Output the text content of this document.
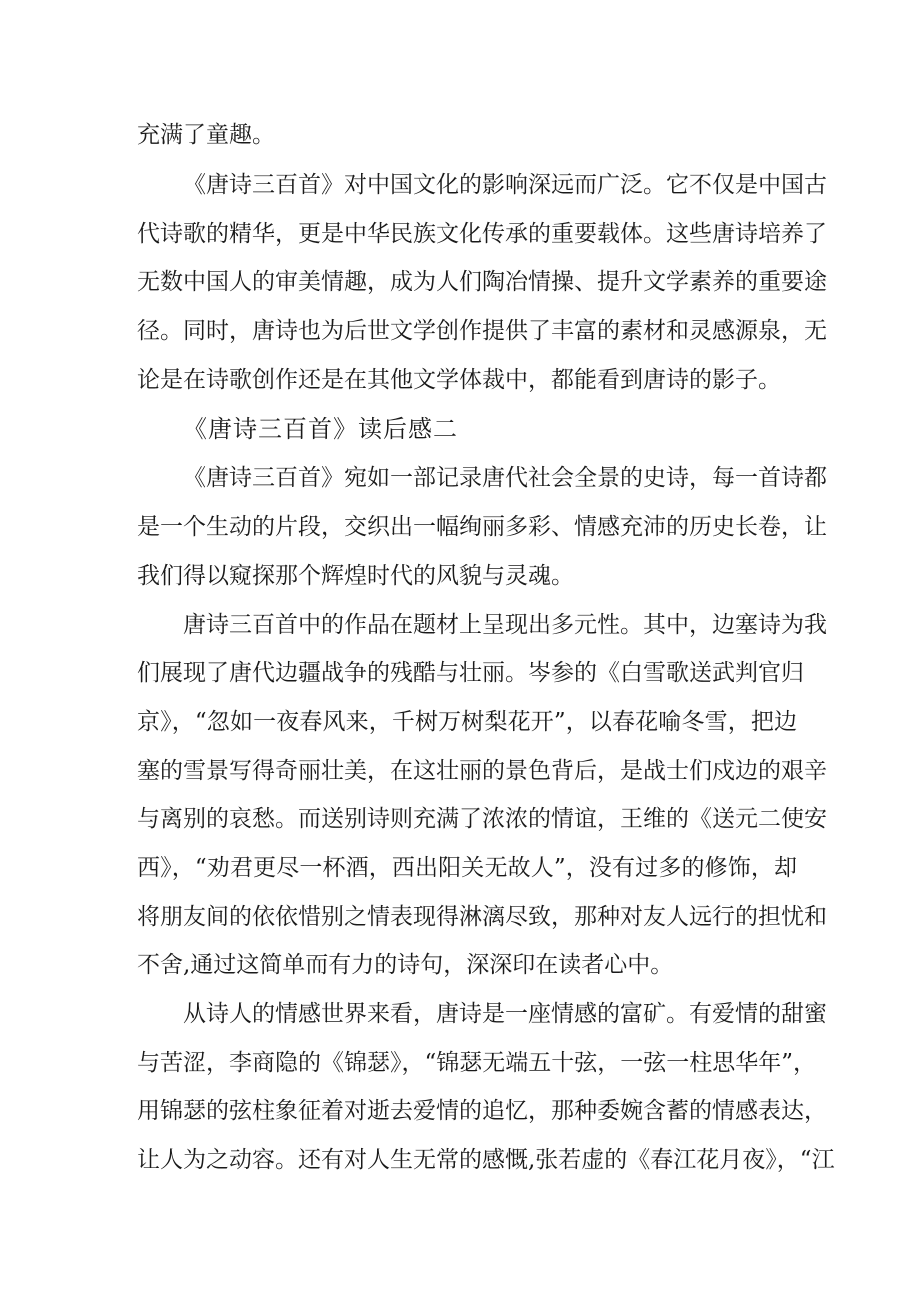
充满了童趣。
《唐诗三百首》对中国文化的影响深远而广泛。它不仅是中国古
代诗歌的精华，更是中华民族文化传承的重要载体。这些唐诗培养了
无数中国人的审美情趣，成为人们陶冶情操、提升文学素养的重要途
径。同时，唐诗也为后世文学创作提供了丰富的素材和灵感源泉，无
论是在诗歌创作还是在其他文学体裁中，都能看到唐诗的影子。
《唐诗三百首》读后感二
《唐诗三百首》宛如一部记录唐代社会全景的史诗，每一首诗都
是一个生动的片段，交织出一幅绚丽多彩、情感充沛的历史长卷，让
我们得以窥探那个辉煌时代的风貌与灵魂。
唐诗三百首中的作品在题材上呈现出多元性。其中，边塞诗为我
们展现了唐代边疆战争的残酷与壮丽。岑参的《白雪歌送武判官归
京》，“忽如一夜春风来，千树万树梨花开”，以春花喻冬雪，把边
塞的雪景写得奇丽壮美，在这壮丽的景色背后，是战士们戍边的艰辛
与离别的哀愁。而送别诗则充满了浓浓的情谊，王维的《送元二使安
西》，“劝君更尽一杯酒，西出阳关无故人”，没有过多的修饰，却
将朋友间的依依惜别之情表现得淋漓尽致，那种对友人远行的担忧和
不舍,通过这简单而有力的诗句，深深印在读者心中。
从诗人的情感世界来看，唐诗是一座情感的富矿。有爱情的甜蜜
与苦涩，李商隐的《锦瑟》，“锦瑟无端五十弦，一弦一柱思华年”，
用锦瑟的弦柱象征着对逝去爱情的追忆，那种委婉含蓄的情感表达，
让人为之动容。还有对人生无常的感慨,张若虚的《春江花月夜》，“江
